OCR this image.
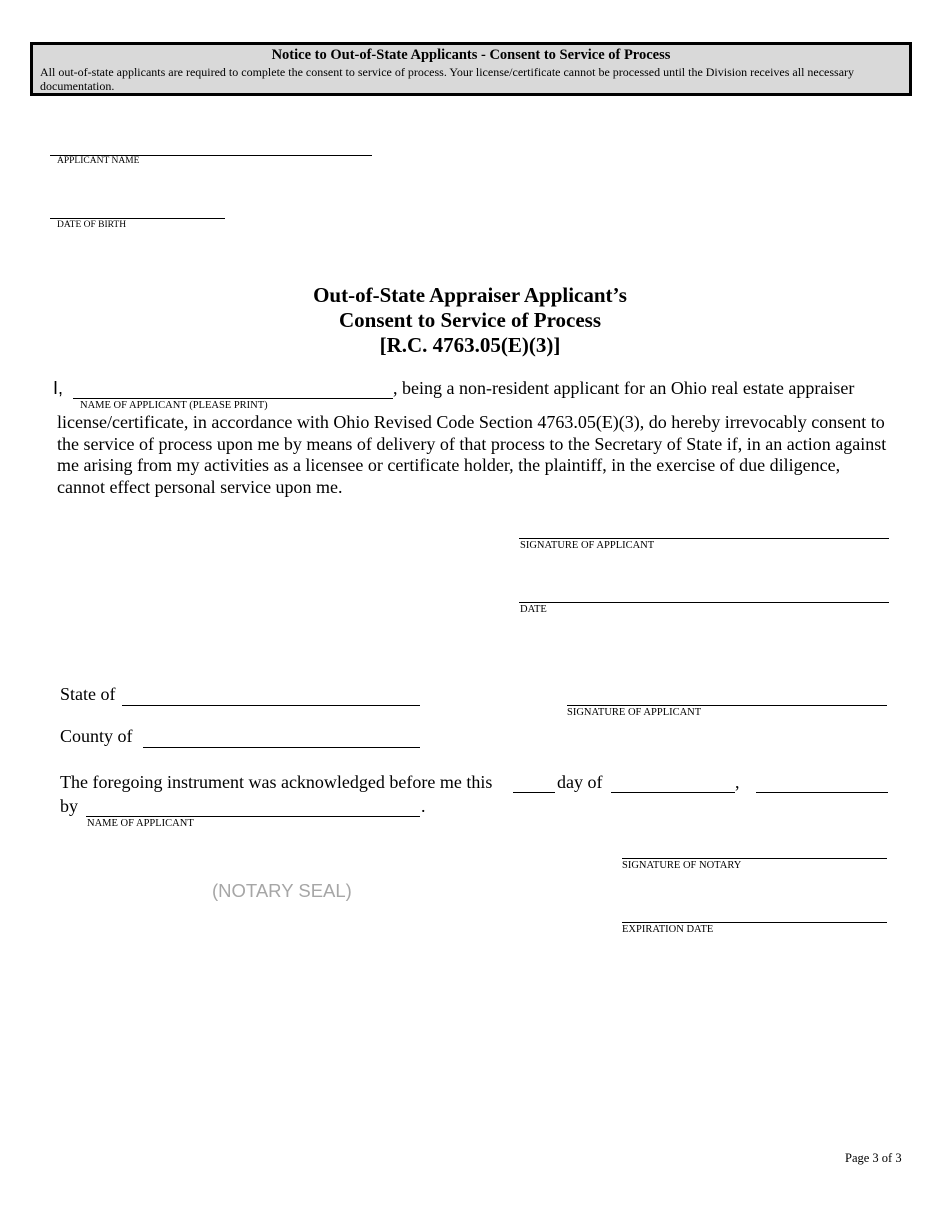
Notice to Out-of-State Applicants - Consent to Service of Process
All out-of-state applicants are required to complete the consent to service of process. Your license/certificate cannot be processed until the Division receives all necessary documentation.
APPLICANT NAME
DATE OF BIRTH
Out-of-State Appraiser Applicant’s
Consent to Service of Process
[R.C. 4763.05(E)(3)]
I,
NAME OF APPLICANT (PLEASE PRINT)
, being a non-resident applicant for an Ohio real estate appraiser
license/certificate, in accordance with Ohio Revised Code Section 4763.05(E)(3), do hereby irrevocably consent to the service of process upon me by means of delivery of that process to the Secretary of State if, in an action against me arising from my activities as a licensee or certificate holder, the plaintiff, in the exercise of due diligence, cannot effect personal service upon me.
SIGNATURE OF APPLICANT
DATE
State of
SIGNATURE OF APPLICANT
County of
The foregoing instrument was acknowledged before me this	day of	,
by	.
NAME OF APPLICANT
SIGNATURE OF NOTARY
(NOTARY SEAL)
EXPIRATION DATE
Page 3 of 3
